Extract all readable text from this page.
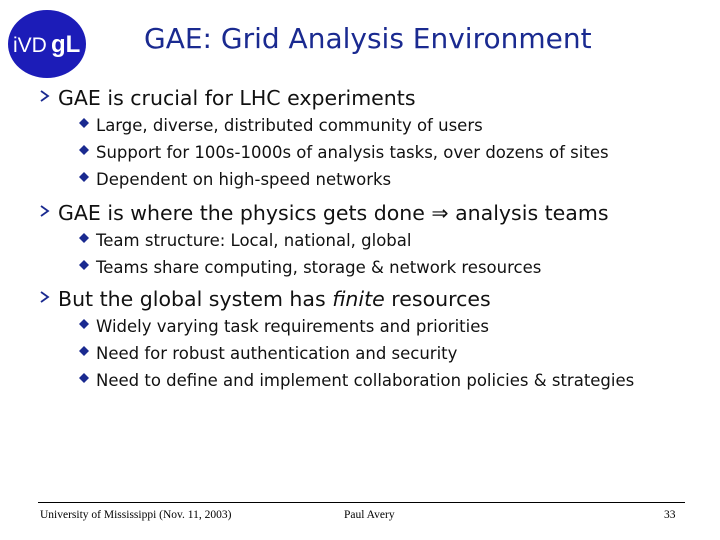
iVD gL GAE: Grid Analysis Environment
GAE is crucial for LHC experiments
Large, diverse, distributed community of users
Support for 100s-1000s of analysis tasks, over dozens of sites
Dependent on high-speed networks
GAE is where the physics gets done ⇒ analysis teams
Team structure: Local, national, global
Teams share computing, storage & network resources
But the global system has finite resources
Widely varying task requirements and priorities
Need for robust authentication and security
Need to define and implement collaboration policies & strategies
University of Mississippi (Nov. 11, 2003)	Paul Avery	33
